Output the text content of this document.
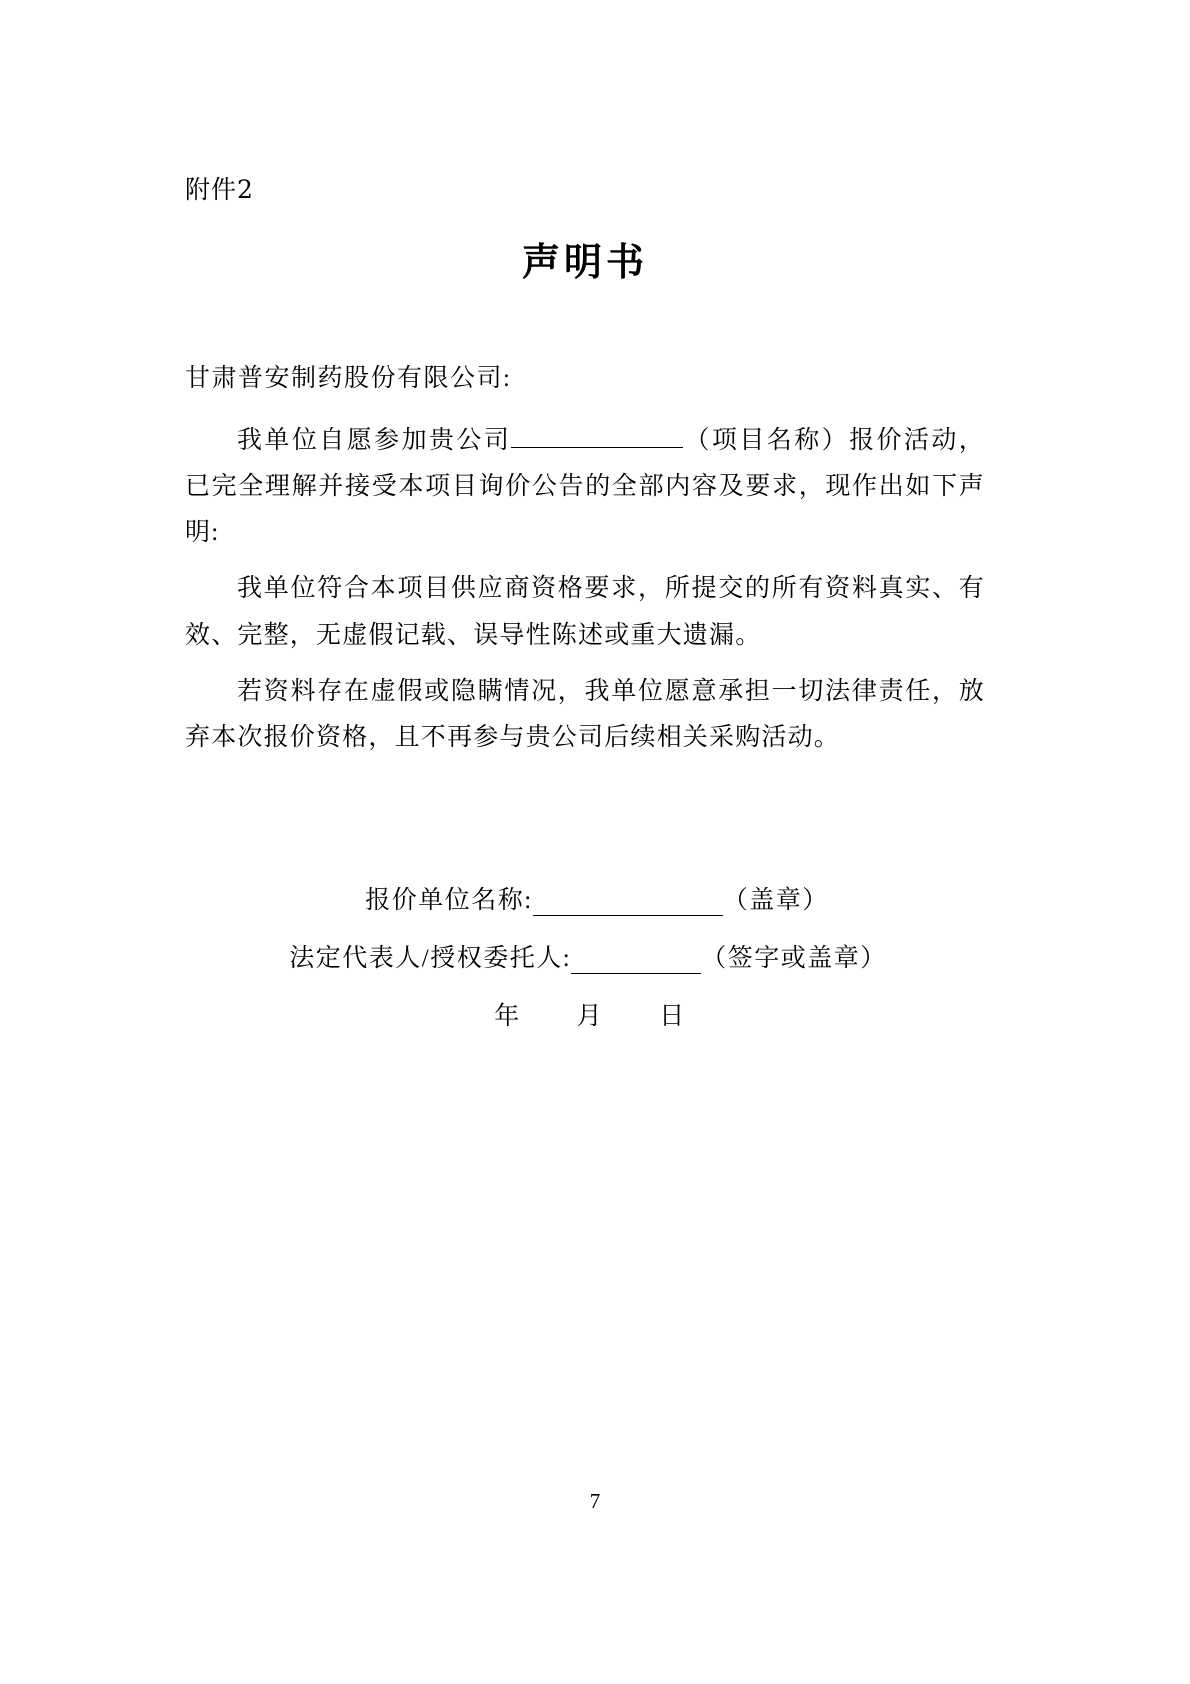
附件2
声明书
甘肃普安制药股份有限公司:
我单位自愿参加贵公司	（项目名称）报价活动，已完全理解并接受本项目询价公告的全部内容及要求，现作出如下声明:
我单位符合本项目供应商资格要求，所提交的所有资料真实、有效、完整，无虚假记载、误导性陈述或重大遗漏。
若资料存在虚假或隐瞒情况，我单位愿意承担一切法律责任，放弃本次报价资格，且不再参与贵公司后续相关采购活动。
报价单位名称:	（盖章）
法定代表人/授权委托人:	（签字或盖章）
年 月 日
7
